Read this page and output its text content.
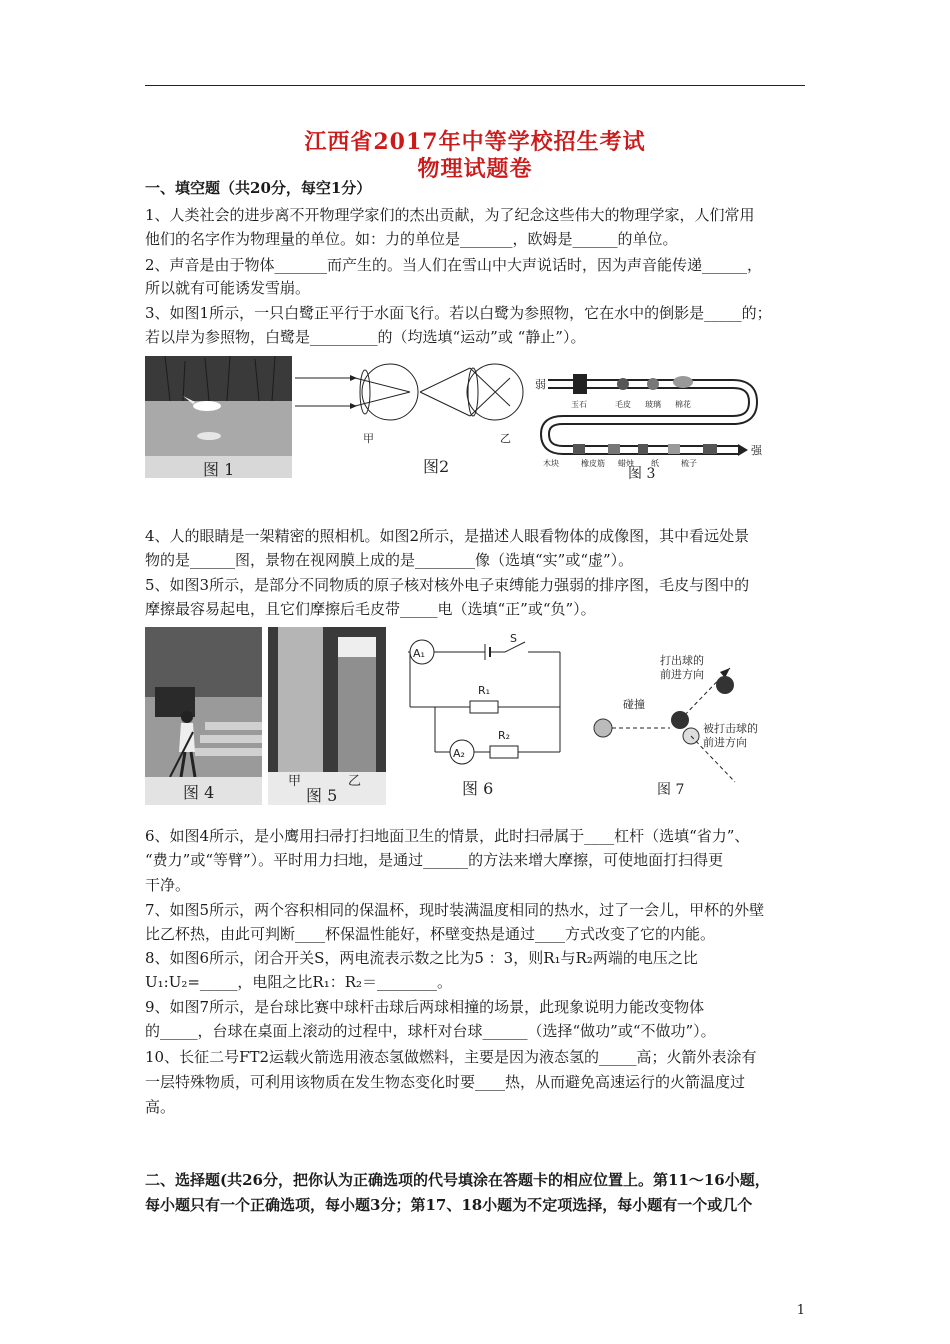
江西省2017年中等学校招生考试
物理试题卷
一、填空题（共20分，每空1分）
1、人类社会的进步离不开物理学家们的杰出贡献，为了纪念这些伟大的物理学家，人们常用
他们的名字作为物理量的单位。如：力的单位是_______，欧姆是______的单位。
2、声音是由于物体_______而产生的。当人们在雪山中大声说话时，因为声音能传递______，
所以就有可能诱发雪崩。
3、如图1所示，一只白鹭正平行于水面飞行。若以白鹭为参照物，它在水中的倒影是_____的；
若以岸为参照物，白鹭是_________的（均选填“运动”或 “静止”）。
图 1
甲	乙
图2
弱
强
玉石	毛皮 玻璃 棉花
木块	橡皮筋 蜡烛 纸	梳子
图 3
4、人的眼睛是一架精密的照相机。如图2所示，是描述人眼看物体的成像图，其中看远处景
物的是______图，景物在视网膜上成的是________像（选填“实”或“虚”）。
5、如图3所示，是部分不同物质的原子核对核外电子束缚能力强弱的排序图，毛皮与图中的
摩擦最容易起电，且它们摩擦后毛皮带_____电（选填“正”或“负”）。
图 4
甲	乙
图 5
A₁
S
R₁
A₂
R₂
图 6
打出球的
前进方向
碰撞
被打击球的
前进方向
图 7
6、如图4所示，是小鹰用扫帚打扫地面卫生的情景，此时扫帚属于____杠杆（选填“省力”、
“费力”或“等臂”）。平时用力扫地，是通过______的方法来增大摩擦，可使地面打扫得更
干净。
7、如图5所示，两个容积相同的保温杯，现时装满温度相同的热水，过了一会儿，甲杯的外壁
比乙杯热，由此可判断____杯保温性能好，杯壁变热是通过____方式改变了它的内能。
8、如图6所示，闭合开关S，两电流表示数之比为5 ：3，则R₁与R₂两端的电压之比
U₁:U₂=_____，电阻之比R₁：R₂＝________。
9、如图7所示，是台球比赛中球杆击球后两球相撞的场景，此现象说明力能改变物体
的_____，台球在桌面上滚动的过程中，球杆对台球______（选择“做功”或“不做功”）。
10、长征二号FT2运载火箭选用液态氢做燃料，主要是因为液态氢的_____高；火箭外表涂有
一层特殊物质，可利用该物质在发生物态变化时要____热，从而避免高速运行的火箭温度过
高。
二、选择题(共26分，把你认为正确选项的代号填涂在答题卡的相应位置上。第11～16小题，
每小题只有一个正确选项，每小题3分；第17、18小题为不定项选择，每小题有一个或几个
1
